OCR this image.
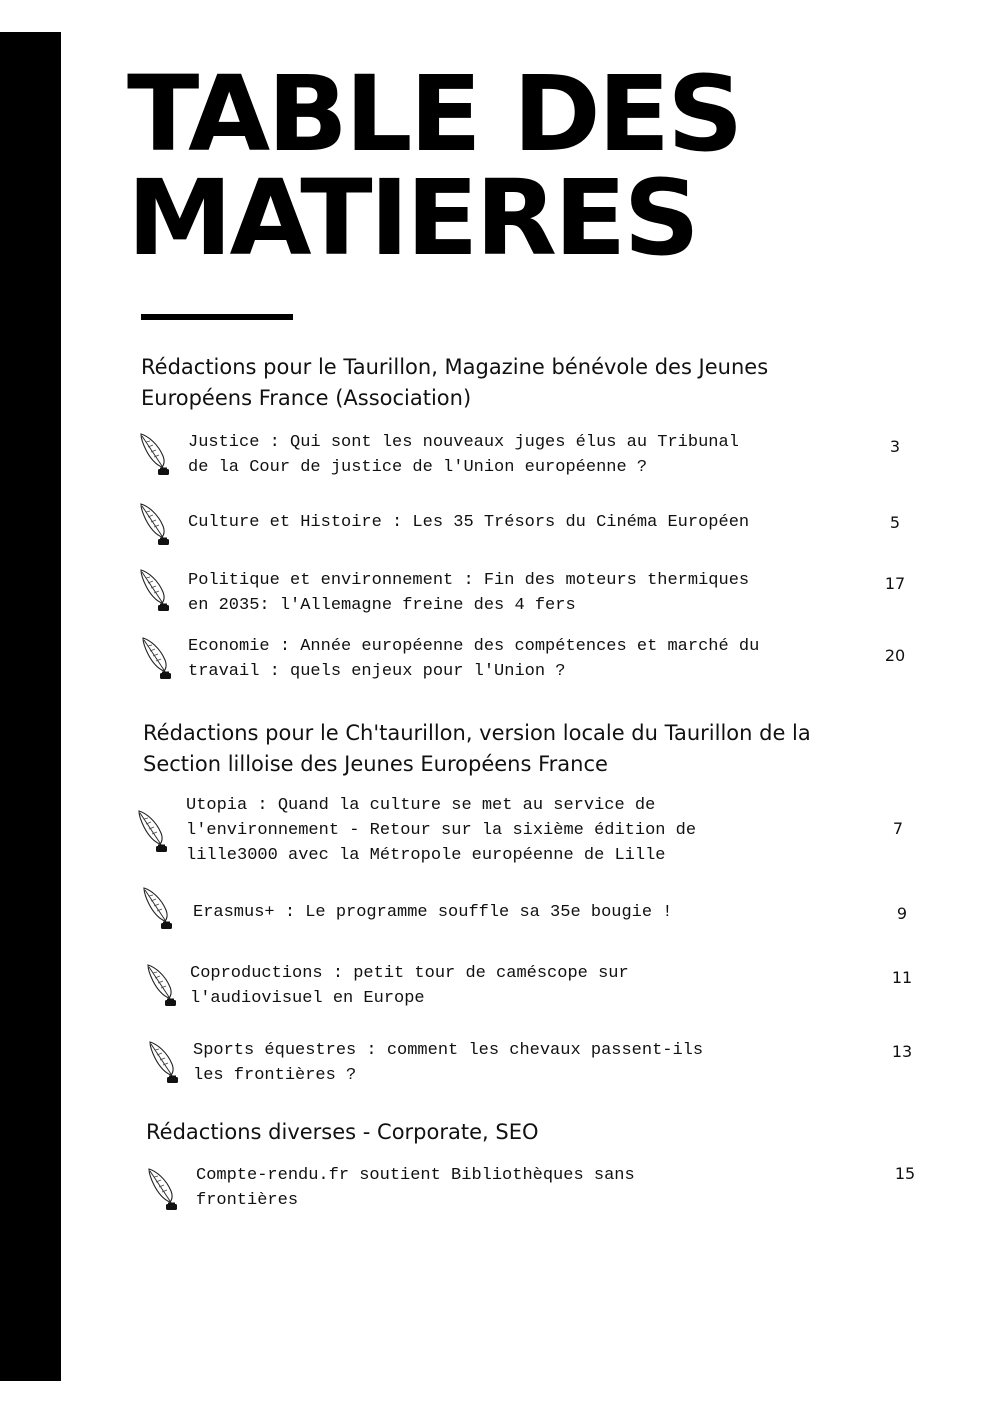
TABLE DES
MATIERES
Rédactions pour le Taurillon, Magazine bénévole des Jeunes
Européens France (Association)
Justice : Qui sont les nouveaux juges élus au Tribunal
de la Cour de justice de l'Union européenne ?
3
Culture et Histoire : Les 35 Trésors du Cinéma Européen	5
Politique et environnement : Fin des moteurs thermiques
en 2035: l'Allemagne freine des 4 fers
17
Economie : Année européenne des compétences et marché du
travail : quels enjeux pour l'Union ?
20
Rédactions pour le Ch'taurillon, version locale du Taurillon de la
Section lilloise des Jeunes Européens France
Utopia : Quand la culture se met au service de
l'environnement - Retour sur la sixième édition de
lille3000 avec la Métropole européenne de Lille
7
Erasmus+ : Le programme souffle sa 35e bougie !	9
Coproductions : petit tour de caméscope sur
l'audiovisuel en Europe
11
Sports équestres : comment les chevaux passent-ils
les frontières ?
13
Rédactions diverses - Corporate, SEO
Compte-rendu.fr soutient Bibliothèques sans
frontières
15
